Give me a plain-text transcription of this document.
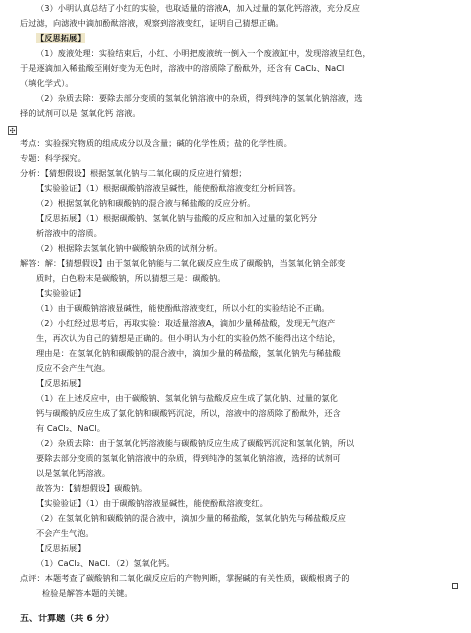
✣
（3）小明认真总结了小红的实验，也取适量的溶液A，加入过量的氯化钙溶液，充分反应
后过滤，向滤液中滴加酚酞溶液，观察到溶液变红，证明自己猜想正确。
【反思拓展】
（1）废液处理：实验结束后，小红、小明把废液统一倒入一个废液缸中，发现溶液呈红色，
于是逐滴加入稀盐酸至刚好变为无色时，溶液中的溶质除了酚酞外，还含有 CaCl₂、NaCl
（填化学式）。
（2）杂质去除：要除去部分变质的氢氧化钠溶液中的杂质，得到纯净的氢氧化钠溶液，选
择的试剂可以是 氢氧化钙 溶液。
考点：实验探究物质的组成成分以及含量；碱的化学性质；盐的化学性质。
专题：科学探究。
分析：【猜想假设】根据氢氧化钠与二氧化碳的反应进行猜想；
【实验验证】（1）根据碳酸钠溶液呈碱性，能使酚酞溶液变红分析回答。
（2）根据氢氧化钠和碳酸钠的混合液与稀盐酸的反应分析。
【反思拓展】（1）根据碳酸钠、氢氧化钠与盐酸的反应和加入过量的氯化钙分
析溶液中的溶质。
（2）根据除去氢氧化钠中碳酸钠杂质的试剂分析。
解答：解：【猜想假设】由于氢氧化钠能与二氧化碳反应生成了碳酸钠，当氢氧化钠全部变
质时，白色粉末是碳酸钠，所以猜想三是：碳酸钠。
【实验验证】
（1）由于碳酸钠溶液显碱性，能使酚酞溶液变红，所以小红的实验结论不正确。
（2）小红经过思考后，再取实验：取适量溶液A，滴加少量稀盐酸，发现无气泡产
生，再次认为自己的猜想是正确的。但小明认为小红的实验仍然不能得出这个结论，
理由是：在氢氧化钠和碳酸钠的混合液中，滴加少量的稀盐酸，氢氧化钠先与稀盐酸
反应不会产生气泡。
【反思拓展】
（1）在上述反应中，由于碳酸钠、氢氧化钠与盐酸反应生成了氯化钠、过量的氯化
钙与碳酸钠反应生成了氯化钠和碳酸钙沉淀，所以，溶液中的溶质除了酚酞外，还含
有 CaCl₂、NaCl。
（2）杂质去除：由于氢氧化钙溶液能与碳酸钠反应生成了碳酸钙沉淀和氢氧化钠，所以
要除去部分变质的氢氧化钠溶液中的杂质，得到纯净的氢氧化钠溶液，选择的试剂可
以是氢氧化钙溶液。
故答为：【猜想假设】碳酸钠。
【实验验证】（1）由于碳酸钠溶液显碱性，能使酚酞溶液变红。
（2）在氢氧化钠和碳酸钠的混合液中，滴加少量的稀盐酸，氢氧化钠先与稀盐酸反应
不会产生气泡。
【反思拓展】
（1）CaCl₂、NaCl．（2）氢氧化钙。
点评：本题考查了碳酸钠和二氧化碳反应后的产物判断，掌握碱的有关性质，碳酸根离子的
检验是解答本题的关键。
五、计算题（共 6 分）
